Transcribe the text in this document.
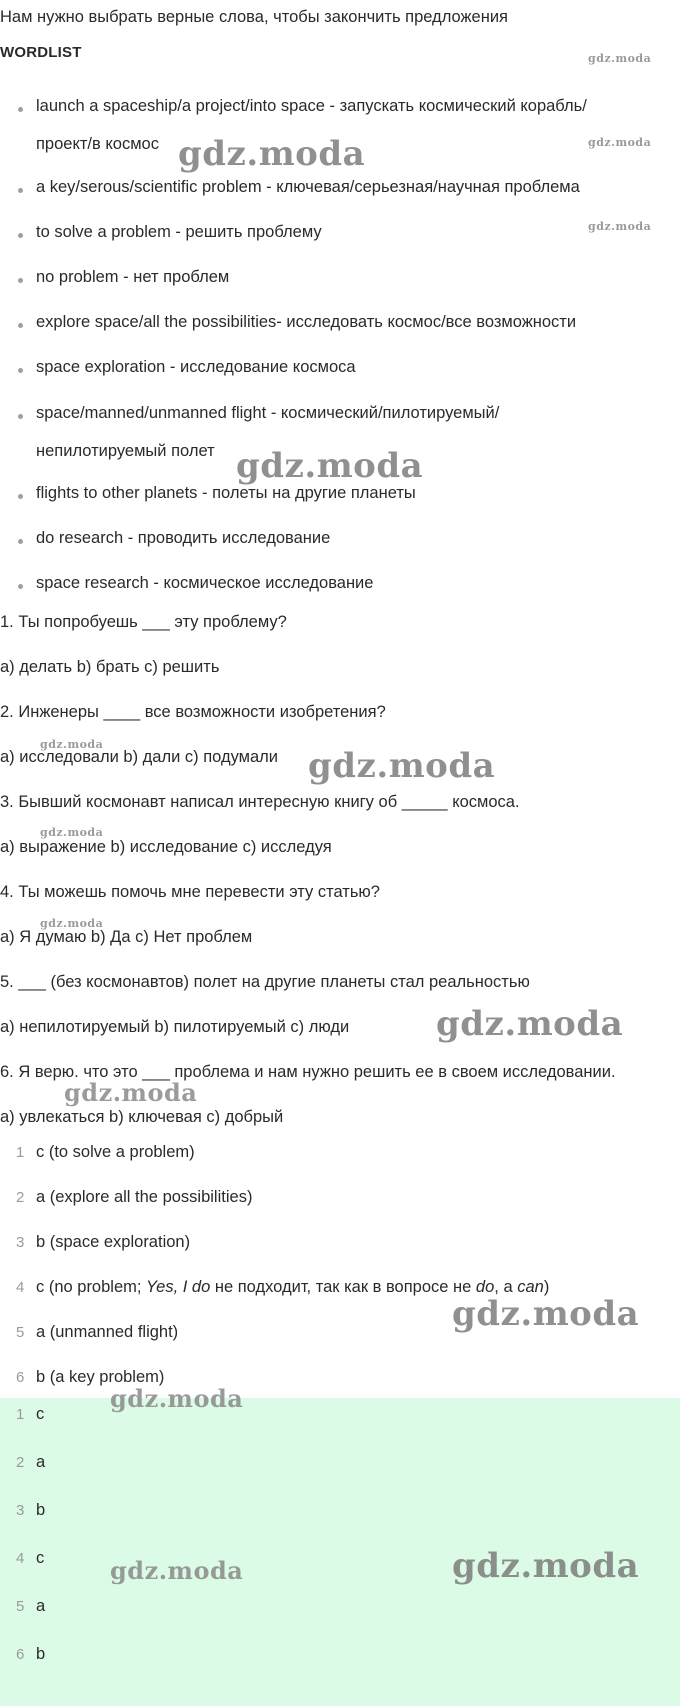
Нам нужно выбрать верные слова, чтобы закончить предложения
WORDLIST
launch a spaceship/a project/into space - запускать космический корабль/
проект/в космос
a key/serous/scientific problem - ключевая/серьезная/научная проблема
to solve a problem - решить проблему
no problem - нет проблем
explore space/all the possibilities- исследовать космос/все возможности
space exploration - исследование космоса
space/manned/unmanned flight - космический/пилотируемый/
непилотируемый полет
flights to other planets - полеты на другие планеты
do research - проводить исследование
space research - космическое исследование
1. Ты попробуешь ___ эту проблему?
a) делать b) брать c) решить
2. Инженеры ____ все возможности изобретения?
a) исследовали b) дали c) подумали
3. Бывший космонавт написал интересную книгу об _____ космоса.
a) выражение b) исследование c) исследуя
4. Ты можешь помочь мне перевести эту статью?
a) Я думаю b) Да c) Нет проблем
5. ___ (без космонавтов) полет на другие планеты стал реальностью
a) непилотируемый b) пилотируемый c) люди
6. Я верю. что это ___ проблема и нам нужно решить ее в своем исследовании.
a) увлекаться b) ключевая c) добрый
1 c (to solve a problem)
2 a (explore all the possibilities)
3 b (space exploration)
4 c (no problem; Yes, I do не подходит, так как в вопросе не do, а can)
5 a (unmanned flight)
6 b (a key problem)
1 c
2 a
3 b
4 c
5 a
6 b
gdz.moda
gdz.moda
gdz.moda
gdz.moda
gdz.moda
gdz.moda
gdz.moda
gdz.moda
gdz.moda
gdz.moda
gdz.moda
gdz.moda
gdz.moda
gdz.moda	gdz.moda
